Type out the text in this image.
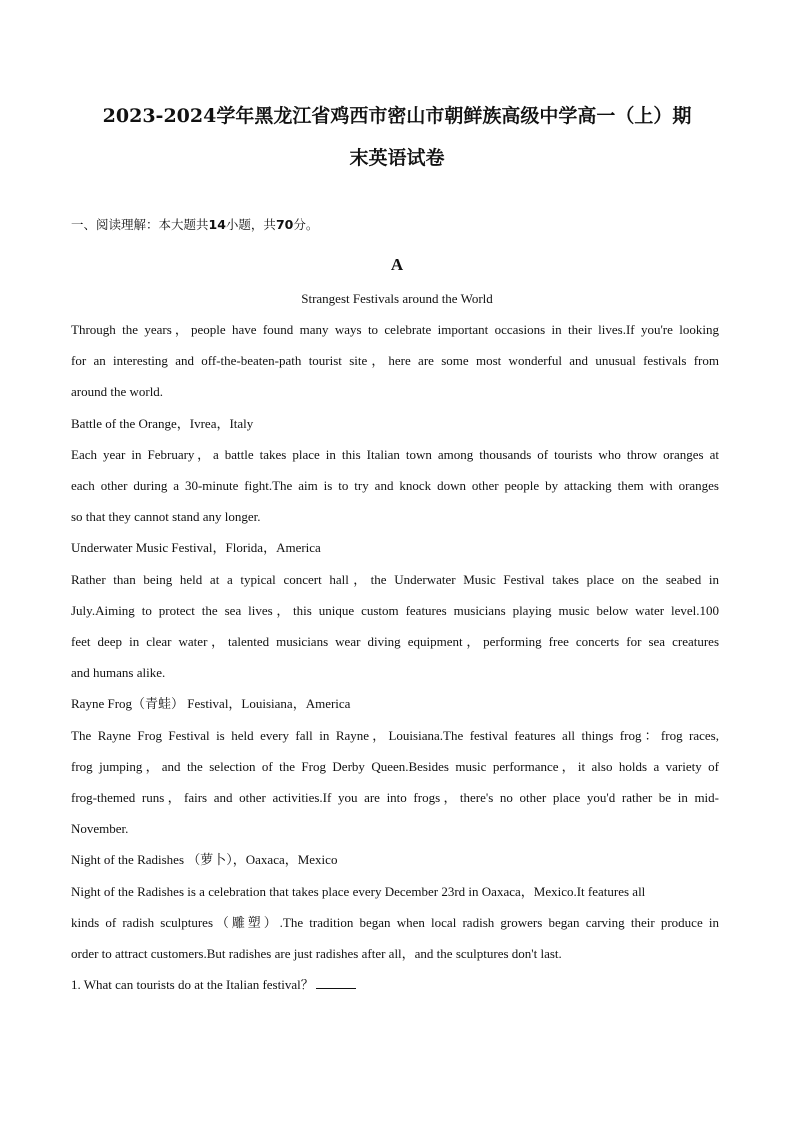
2023-2024学年黑龙江省鸡西市密山市朝鲜族高级中学高一（上）期
末英语试卷
一、阅读理解：本大题共14小题，共70分。
A
Strangest Festivals around the World
Through the years，people have found many ways to celebrate important occasions in their lives.If you're looking
for an interesting and off-the-beaten-path tourist site，here are some most wonderful and unusual festivals from
around the world.
Battle of the Orange，Ivrea，Italy
Each year in February，a battle takes place in this Italian town among thousands of tourists who throw oranges at
each other during a 30-minute fight.The aim is to try and knock down other people by attacking them with oranges
so that they cannot stand any longer.
Underwater Music Festival，Florida，America
Rather than being held at a typical concert hall，the Underwater Music Festival takes place on the seabed in
July.Aiming to protect the sea lives，this unique custom features musicians playing music below water level.100
feet deep in clear water，talented musicians wear diving equipment，performing free concerts for sea creatures
and humans alike.
Rayne Frog（青蛙） Festival，Louisiana，America
The Rayne Frog Festival is held every fall in Rayne，Louisiana.The festival features all things frog：frog races,
frog jumping，and the selection of the Frog Derby Queen.Besides music performance，it also holds a variety of
frog-themed runs，fairs and other activities.If you are into frogs，there's no other place you'd rather be in mid-
November.
Night of the Radishes （萝卜），Oaxaca，Mexico
Night of the Radishes is a celebration that takes place every December 23rd in Oaxaca，Mexico.It features all
kinds of radish sculptures（雕塑）.The tradition began when local radish growers began carving their produce in
order to attract customers.But radishes are just radishes after all，and the sculptures don't last.
1. What can tourists do at the Italian festival？
